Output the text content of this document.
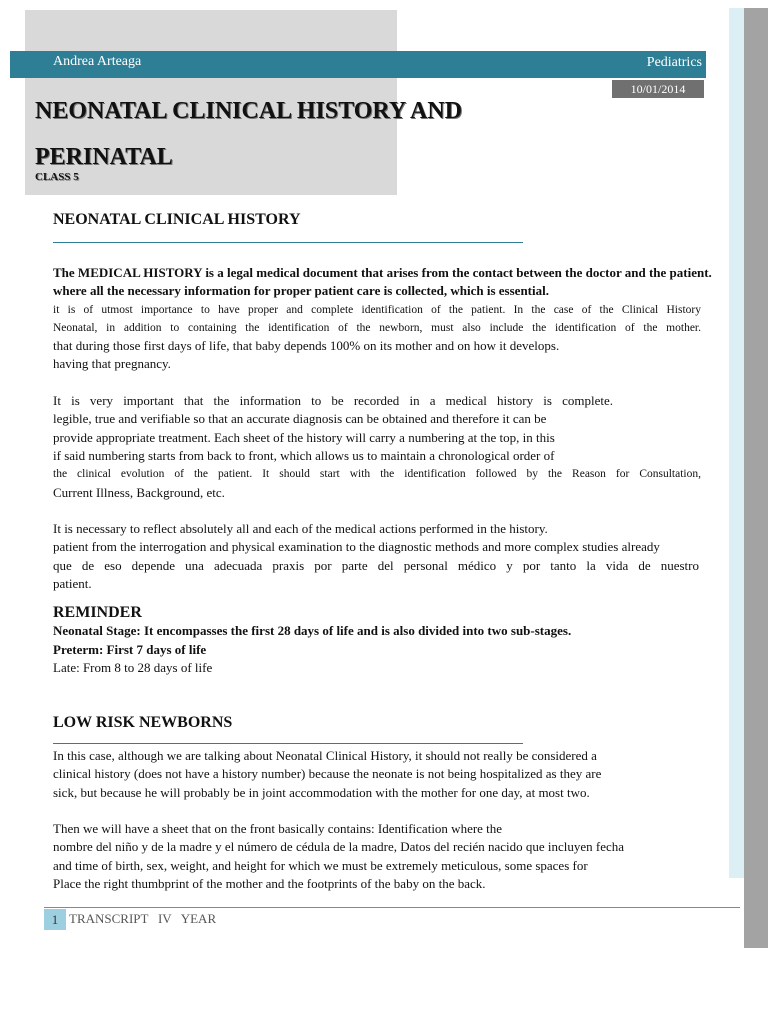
Andrea Arteaga	Pediatrics
10/01/2014
NEONATAL CLINICAL HISTORY AND
PERINATAL
CLASS 5
NEONATAL CLINICAL HISTORY

The MEDICAL HISTORY is a legal medical document that arises from the contact between the doctor and the patient.

where all the necessary information for proper patient care is collected, which is essential.

it is of utmost importance to have proper and complete identification of the patient. In the case of the Clinical History

Neonatal, in addition to containing the identification of the newborn, must also include the identification of the mother.

that during those first days of life, that baby depends 100% on its mother and on how it develops.

having that pregnancy.

It is very important that the information to be recorded in a medical history is complete.

legible, true and verifiable so that an accurate diagnosis can be obtained and therefore it can be

provide appropriate treatment. Each sheet of the history will carry a numbering at the top, in this

if said numbering starts from back to front, which allows us to maintain a chronological order of

the clinical evolution of the patient. It should start with the identification followed by the Reason for Consultation,

Current Illness, Background, etc.

It is necessary to reflect absolutely all and each of the medical actions performed in the history.

patient from the interrogation and physical examination to the diagnostic methods and more complex studies already

que de eso depende una adecuada praxis por parte del personal médico y por tanto la vida de nuestro

patient.

REMINDER

Neonatal Stage: It encompasses the first 28 days of life and is also divided into two sub-stages.

Preterm: First 7 days of life

Late: From 8 to 28 days of life

LOW RISK NEWBORNS

In this case, although we are talking about Neonatal Clinical History, it should not really be considered a

clinical history (does not have a history number) because the neonate is not being hospitalized as they are

sick, but because he will probably be in joint accommodation with the mother for one day, at most two.

Then we will have a sheet that on the front basically contains: Identification where the

nombre del niño y de la madre y el número de cédula de la madre, Datos del recién nacido que incluyen fecha

and time of birth, sex, weight, and height for which we must be extremely meticulous, some spaces for

Place the right thumbprint of the mother and the footprints of the baby on the back.

1 TRANSCRIPT   IV   YEAR
